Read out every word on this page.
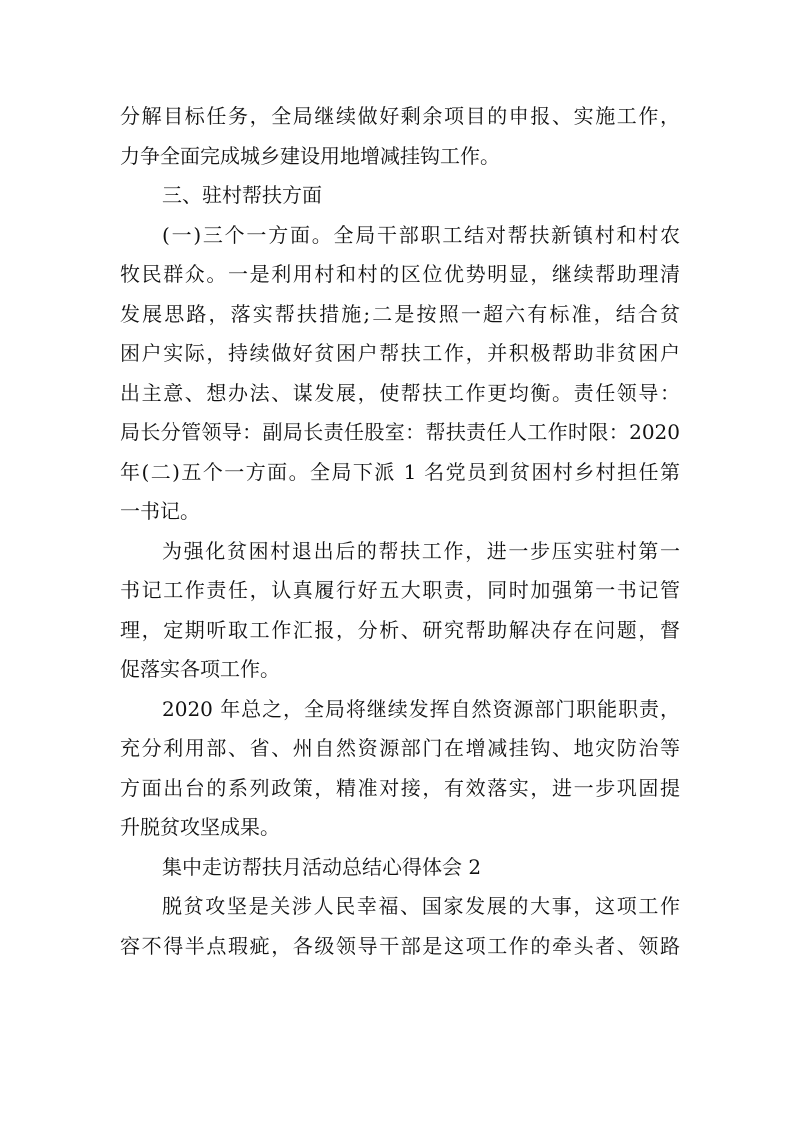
分解目标任务，全局继续做好剩余项目的申报、实施工作，
力争全面完成城乡建设用地增减挂钩工作。
三、驻村帮扶方面
(一)三个一方面。全局干部职工结对帮扶新镇村和村农
牧民群众。一是利用村和村的区位优势明显，继续帮助理清
发展思路，落实帮扶措施;二是按照一超六有标准，结合贫
困户实际，持续做好贫困户帮扶工作，并积极帮助非贫困户
出主意、想办法、谋发展，使帮扶工作更均衡。责任领导：
局长分管领导：副局长责任股室：帮扶责任人工作时限：2020
年(二)五个一方面。全局下派 1 名党员到贫困村乡村担任第
一书记。
为强化贫困村退出后的帮扶工作，进一步压实驻村第一
书记工作责任，认真履行好五大职责，同时加强第一书记管
理，定期听取工作汇报，分析、研究帮助解决存在问题，督
促落实各项工作。
2020 年总之，全局将继续发挥自然资源部门职能职责，
充分利用部、省、州自然资源部门在增减挂钩、地灾防治等
方面出台的系列政策，精准对接，有效落实，进一步巩固提
升脱贫攻坚成果。
集中走访帮扶月活动总结心得体会 2
脱贫攻坚是关涉人民幸福、国家发展的大事，这项工作
容不得半点瑕疵，各级领导干部是这项工作的牵头者、领路
